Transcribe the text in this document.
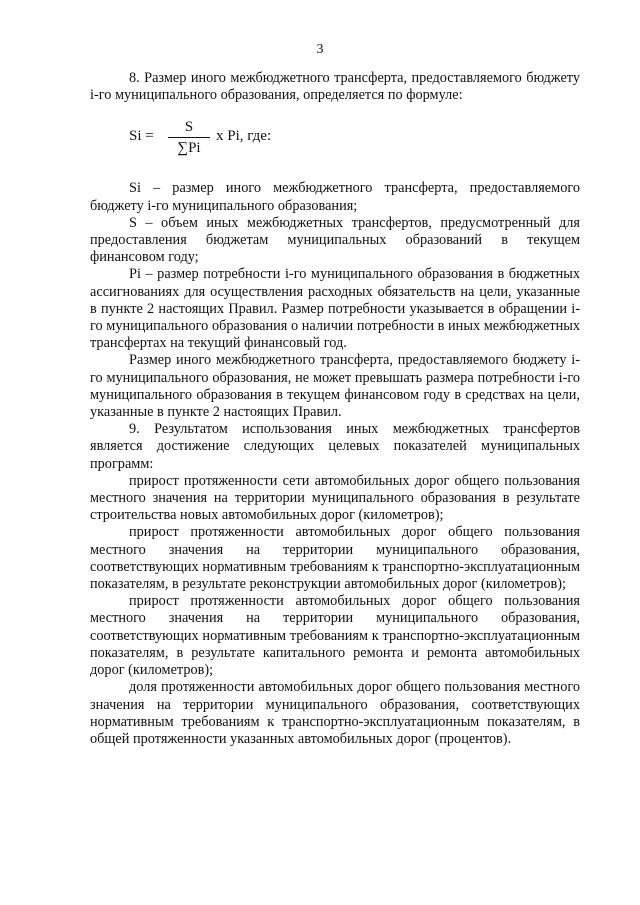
3

8. Размер иного межбюджетного трансферта, предоставляемого бюджету i-го муниципального образования, определяется по формуле:

$Si = \frac{S}{\sum Pi}$ x Pi, где:

Si – размер иного межбюджетного трансферта, предоставляемого бюджету i-го муниципального образования;

S – объем иных межбюджетных трансфертов, предусмотренный для предоставления бюджетам муниципальных образований в текущем финансовом году;

Pi – размер потребности i-го муниципального образования в бюджетных ассигнованиях для осуществления расходных обязательств на цели, указанные в пункте 2 настоящих Правил. Размер потребности указывается в обращении i-го муниципального образования о наличии потребности в иных межбюджетных трансфертах на текущий финансовый год.

Размер иного межбюджетного трансферта, предоставляемого бюджету i-го муниципального образования, не может превышать размера потребности i-го муниципального образования в текущем финансовом году в средствах на цели, указанные в пункте 2 настоящих Правил.

9. Результатом использования иных межбюджетных трансфертов является достижение следующих целевых показателей муниципальных программ:

прирост протяженности сети автомобильных дорог общего пользования местного значения на территории муниципального образования в результате строительства новых автомобильных дорог (километров);

прирост протяженности автомобильных дорог общего пользования местного значения на территории муниципального образования, соответствующих нормативным требованиям к транспортно-эксплуатационным показателям, в результате реконструкции автомобильных дорог (километров);

прирост протяженности автомобильных дорог общего пользования местного значения на территории муниципального образования, соответствующих нормативным требованиям к транспортно-эксплуатационным показателям, в результате капитального ремонта и ремонта автомобильных дорог (километров);

доля протяженности автомобильных дорог общего пользования местного значения на территории муниципального образования, соответствующих нормативным требованиям к транспортно-эксплуатационным показателям, в общей протяженности указанных автомобильных дорог (процентов).
